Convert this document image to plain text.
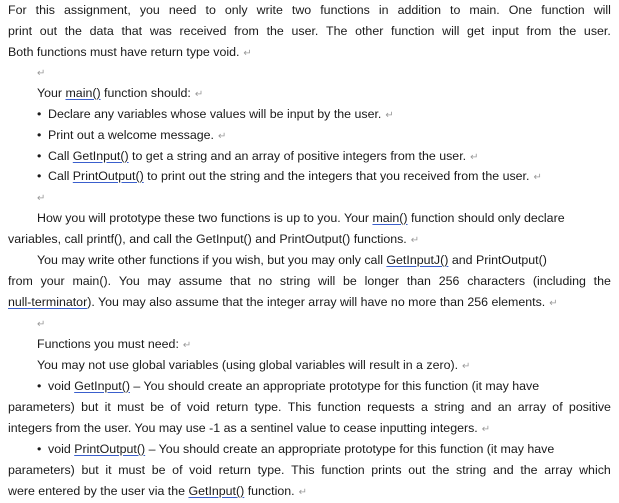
For this assignment, you need to only write two functions in addition to main. One function will
print out the data that was received from the user. The other function will get input from the user.
Both functions must have return type void. ↵
↵
Your main() function should: ↵
• Declare any variables whose values will be input by the user. ↵
• Print out a welcome message. ↵
• Call GetInput() to get a string and an array of positive integers from the user. ↵
• Call PrintOutput() to print out the string and the integers that you received from the user. ↵
↵
How you will prototype these two functions is up to you. Your main() function should only declare
variables, call printf(), and call the GetInput() and PrintOutput() functions. ↵
You may write other functions if you wish, but you may only call GetInputJ() and PrintOutput()
from your main(). You may assume that no string will be longer than 256 characters (including the
null-terminator). You may also assume that the integer array will have no more than 256 elements. ↵
↵
Functions you must need: ↵
You may not use global variables (using global variables will result in a zero). ↵
• void GetInput() – You should create an appropriate prototype for this function (it may have
parameters) but it must be of void return type. This function requests a string and an array of positive
integers from the user. You may use -1 as a sentinel value to cease inputting integers. ↵
• void PrintOutput() – You should create an appropriate prototype for this function (it may have
parameters) but it must be of void return type. This function prints out the string and the array which
were entered by the user via the GetInput() function. ↵
